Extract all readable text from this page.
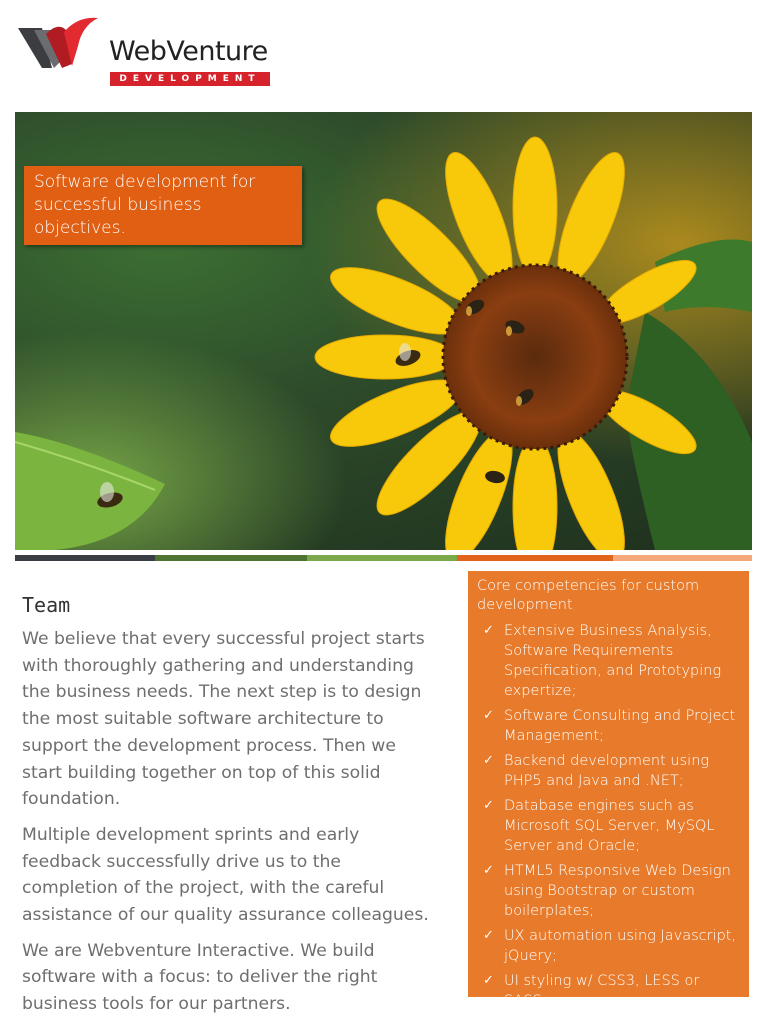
WebVenture
DEVELOPMENT
Software development for successful business objectives.
Team

We believe that every successful project starts with thoroughly gathering and understanding the business needs. The next step is to design the most suitable software architecture to support the development process. Then we start building together on top of this solid foundation.

Multiple development sprints and early feedback successfully drive us to the completion of the project, with the careful assistance of our quality assurance colleagues.

We are Webventure Interactive. We build software with a focus: to deliver the right business tools for our partners.

Core competencies for custom development
✓ Extensive Business Analysis, Software Requirements Specification, and Prototyping expertize;
✓ Software Consulting and Project Management;
✓ Backend development using PHP5 and Java and .NET;
✓ Database engines such as Microsoft SQL Server, MySQL Server and Oracle;
✓ HTML5 Responsive Web Design using Bootstrap or custom boilerplates;
✓ UX automation using Javascript, jQuery;
✓ UI styling w/ CSS3, LESS or SASS.
